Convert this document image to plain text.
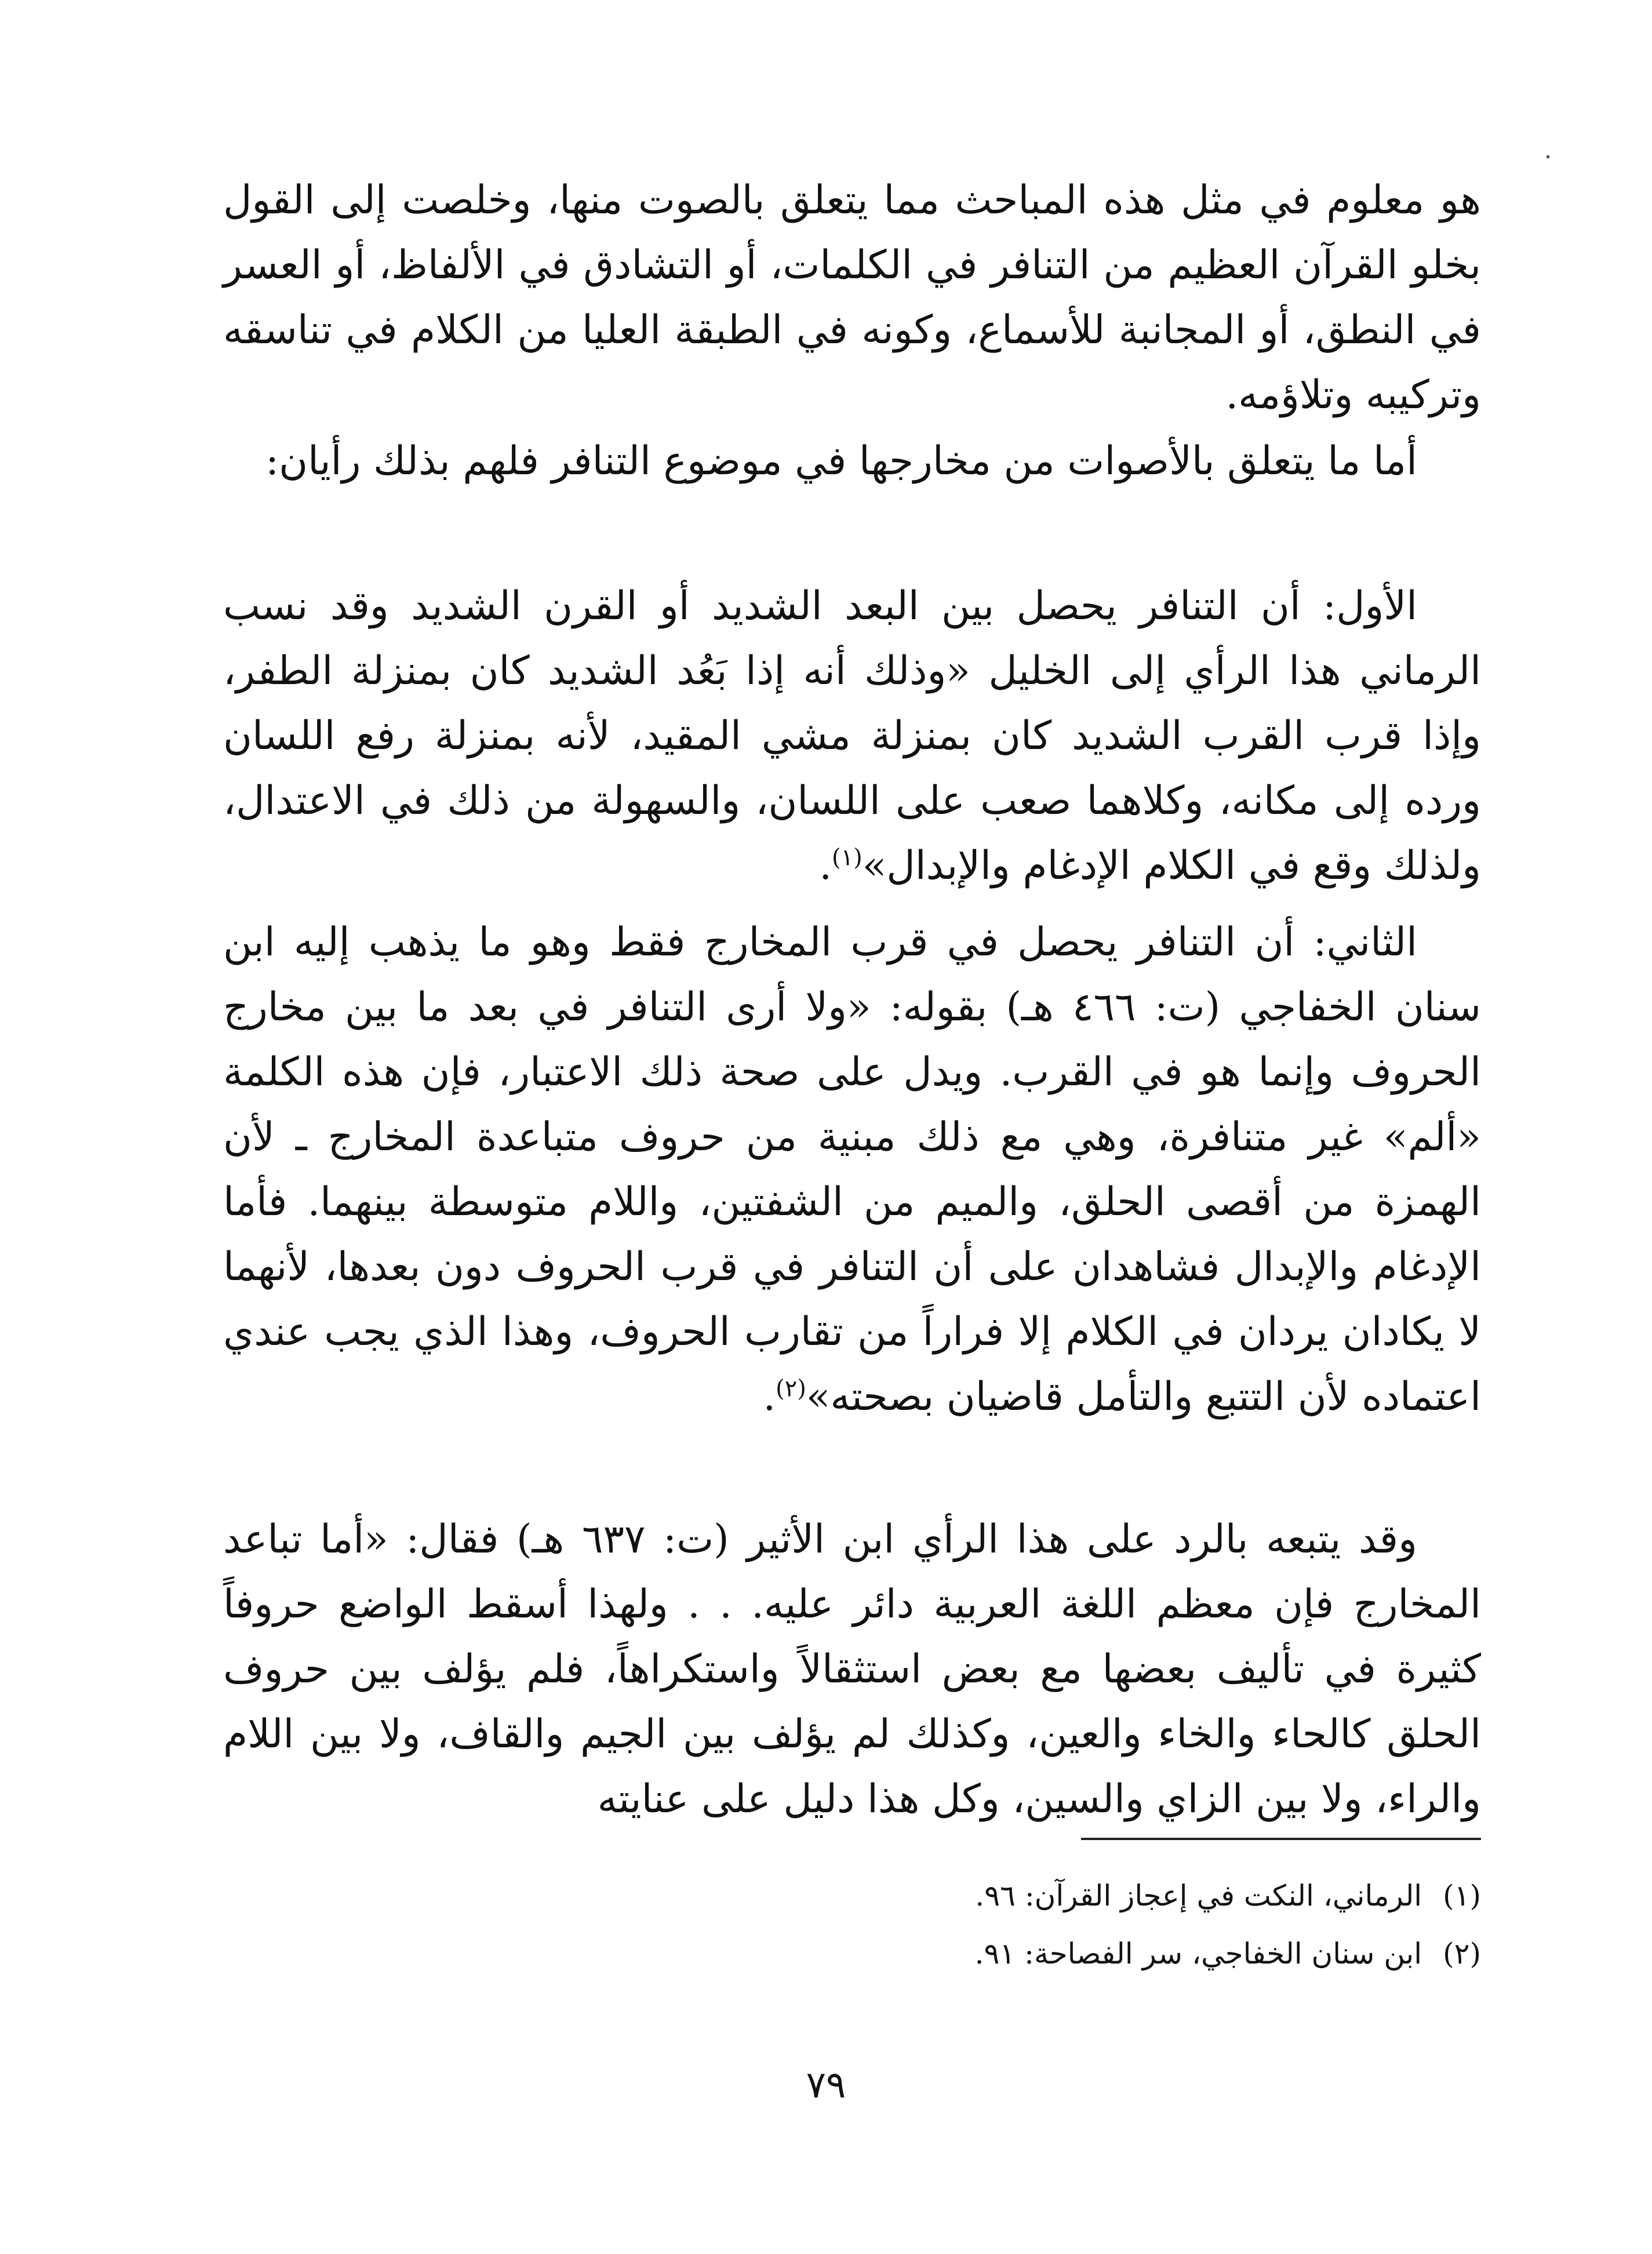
هو معلوم في مثل هذه المباحث مما يتعلق بالصوت منها، وخلصت إلى القول بخلو القرآن العظيم من التنافر في الكلمات، أو التشادق في الألفاظ، أو العسر في النطق، أو المجانبة للأسماع، وكونه في الطبقة العليا من الكلام في تناسقه وتركيبه وتلاؤمه.

أما ما يتعلق بالأصوات من مخارجها في موضوع التنافر فلهم بذلك رأيان:

الأول: أن التنافر يحصل بين البعد الشديد أو القرن الشديد وقد نسب الرماني هذا الرأي إلى الخليل «وذلك أنه إذا بَعُد الشديد كان بمنزلة الطفر، وإذا قرب القرب الشديد كان بمنزلة مشي المقيد، لأنه بمنزلة رفع اللسان ورده إلى مكانه، وكلاهما صعب على اللسان، والسهولة من ذلك في الاعتدال، ولذلك وقع في الكلام الإدغام والإبدال»$^{(١)}$.

الثاني: أن التنافر يحصل في قرب المخارج فقط وهو ما يذهب إليه ابن سنان الخفاجي (ت: ٤٦٦ هـ) بقوله: «ولا أرى التنافر في بعد ما بين مخارج الحروف وإنما هو في القرب. ويدل على صحة ذلك الاعتبار، فإن هذه الكلمة «ألم» غير متنافرة، وهي مع ذلك مبنية من حروف متباعدة المخارج ـ لأن الهمزة من أقصى الحلق، والميم من الشفتين، واللام متوسطة بينهما. فأما الإدغام والإبدال فشاهدان على أن التنافر في قرب الحروف دون بعدها، لأنهما لا يكادان يردان في الكلام إلا فراراً من تقارب الحروف، وهذا الذي يجب عندي اعتماده لأن التتبع والتأمل قاضيان بصحته»$^{(٢)}$.

وقد يتبعه بالرد على هذا الرأي ابن الأثير (ت: ٦٣٧ هـ) فقال: «أما تباعد المخارج فإن معظم اللغة العربية دائر عليه. . . ولهذا أسقط الواضع حروفاً كثيرة في تأليف بعضها مع بعض استثقالاً واستكراهاً، فلم يؤلف بين حروف الحلق كالحاء والخاء والعين، وكذلك لم يؤلف بين الجيم والقاف، ولا بين اللام والراء، ولا بين الزاي والسين، وكل هذا دليل على عنايته

(١) الرماني، النكت في إعجاز القرآن: ٩٦.
(٢) ابن سنان الخفاجي، سر الفصاحة: ٩١.
٧٩
